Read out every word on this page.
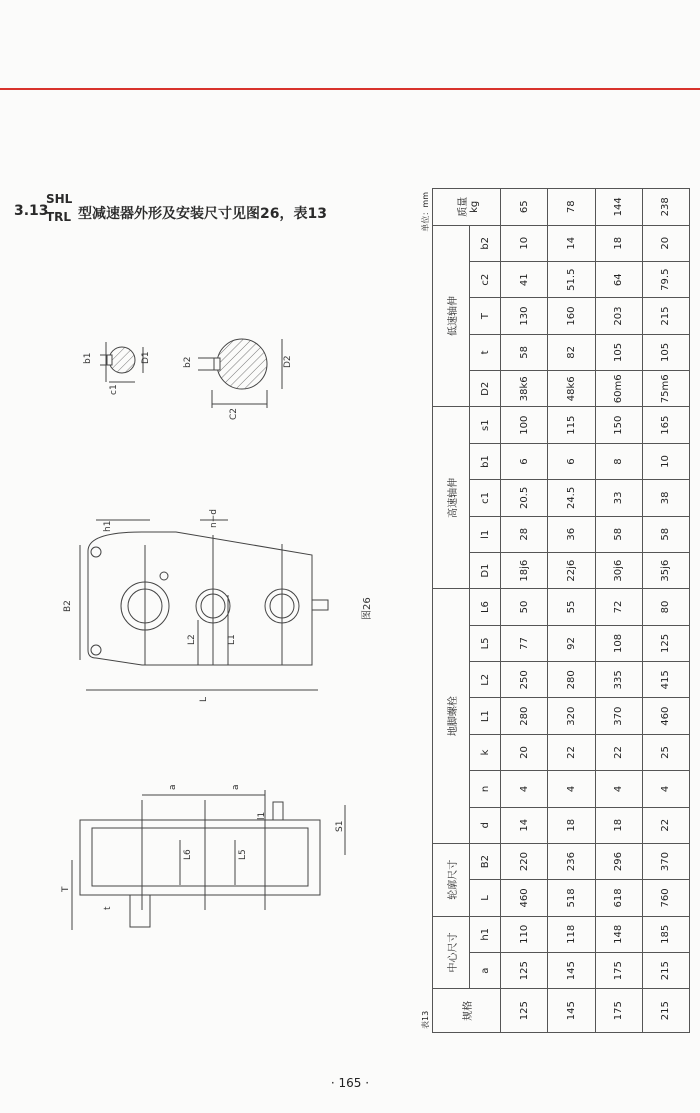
3.13
SHL
TRL 型减速器外形及安装尺寸见图26，表13
b1	D1
c1
b2	D2
C2
h1	n−d
B2
L2	L1
L
图26
a	a
l1
S1
L6	L5
T
t
表13
单位：mm
规格	中心尺寸		轮廓尺寸		地脚螺栓							高速轴伸					低速轴伸					质量 kg

	a	h1	L	B2	d	n	k	L1	L2	L5	L6	D1	l1	c1	b1	s1	D2	t	T	c2	b2	
125	125	110	460	220	14	4	20	280	250	77	50	18j6	28	20.5	6	100	38k6	58	130	41	10	65
145	145	118	518	236	18	4	22	320	280	92	55	22j6	36	24.5	6	115	48k6	82	160	51.5	14	78
175	175	148	618	296	18	4	22	370	335	108	72	30j6	58	33	8	150	60m6	105	203	64	18	144
215	215	185	760	370	22	4	25	460	415	125	80	35j6	58	38	10	165	75m6	105	215	79.5	20	238
· 165 ·
